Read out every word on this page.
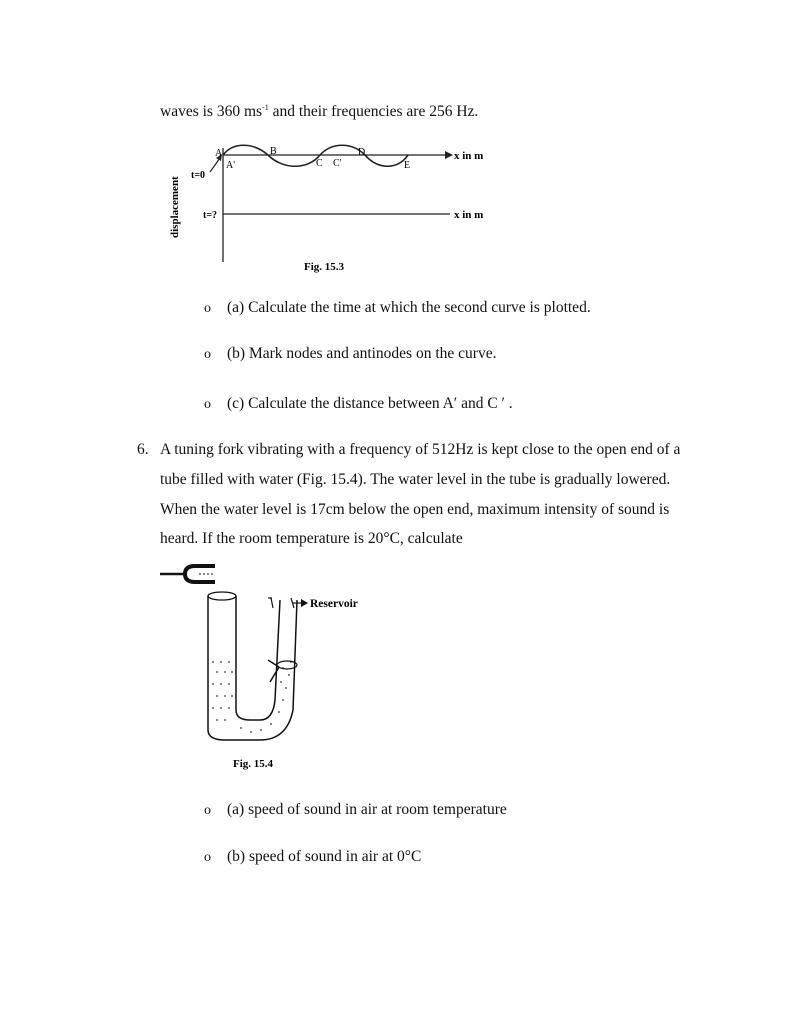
waves is 360 $ms^{-1}$ and their frequencies are 256 Hz.
displacement
t=0
t=?
x in m
x in m
A
A'
B
C C'
D
E
Fig. 15.3
o (a) Calculate the time at which the second curve is plotted.
o (b) Mark nodes and antinodes on the curve.
o (c) Calculate the distance between A′ and C ′ .
6. A tuning fork vibrating with a frequency of 512Hz is kept close to the open end of a
tube filled with water (Fig. 15.4). The water level in the tube is gradually lowered.
When the water level is 17cm below the open end, maximum intensity of sound is
heard. If the room temperature is 20°C, calculate
Reservoir
Fig. 15.4
o (a) speed of sound in air at room temperature
o (b) speed of sound in air at 0°C
